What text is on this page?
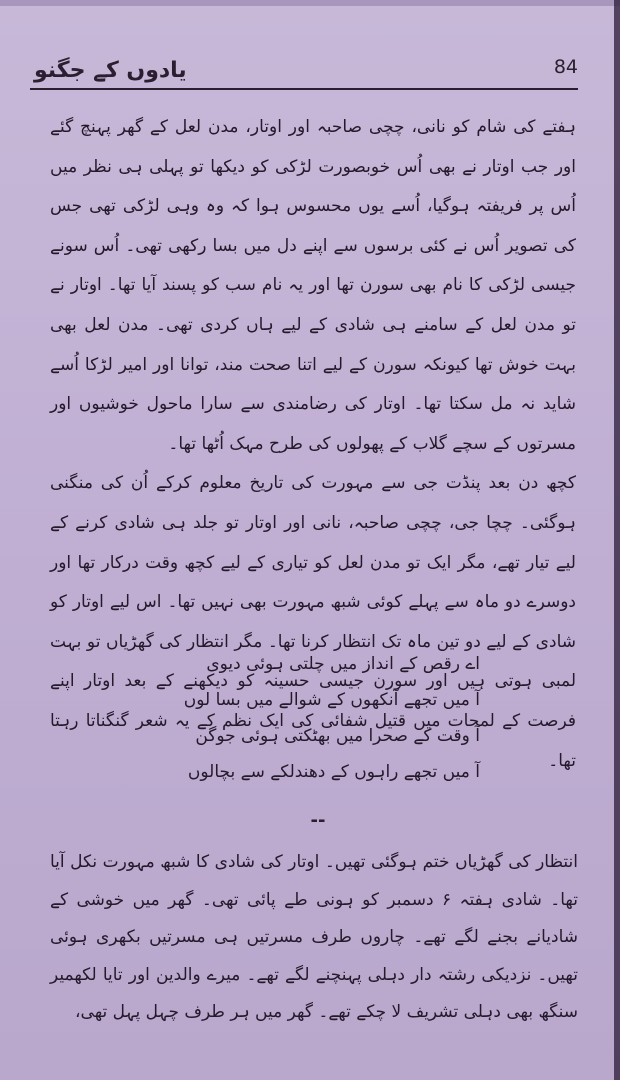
یادوں کے جگنو	84

ہفتے کی شام کو نانی، چچی صاحبہ اور اوتار، مدن لعل کے گھر پہنچ گئے اور جب اوتار نے بھی اُس خوبصورت لڑکی کو دیکھا تو پہلی ہی نظر میں اُس پر فریفتہ ہوگیا، اُسے یوں محسوس ہوا کہ وہ وہی لڑکی تھی جس کی تصویر اُس نے کئی برسوں سے اپنے دل میں بسا رکھی تھی۔ اُس سونے جیسی لڑکی کا نام بھی سورن تھا اور یہ نام سب کو پسند آیا تھا۔ اوتار نے تو مدن لعل کے سامنے ہی شادی کے لیے ہاں کردی تھی۔ مدن لعل بھی بہت خوش تھا کیونکہ سورن کے لیے اتنا صحت مند، توانا اور امیر لڑکا اُسے شاید نہ مل سکتا تھا۔ اوتار کی رضامندی سے سارا ماحول خوشیوں اور مسرتوں کے سچے گلاب کے پھولوں کی طرح مہک اُٹھا تھا۔

کچھ دن بعد پنڈت جی سے مہورت کی تاریخ معلوم کرکے اُن کی منگنی ہوگئی۔ چچا جی، چچی صاحبہ، نانی اور اوتار تو جلد ہی شادی کرنے کے لیے تیار تھے، مگر ایک تو مدن لعل کو تیاری کے لیے کچھ وقت درکار تھا اور دوسرے دو ماہ سے پہلے کوئی شبھ مہورت بھی نہیں تھا۔ اس لیے اوتار کو شادی کے لیے دو تین ماہ تک انتظار کرنا تھا۔ مگر انتظار کی گھڑیاں تو بہت لمبی ہوتی ہیں اور سورن جیسی حسینہ کو دیکھنے کے بعد اوتار اپنے فرصت کے لمحات میں قتیل شفائی کی ایک نظم کے یہ شعر گنگناتا رہتا تھا۔

اے رقص کے انداز میں چلتی ہوئی دیوی
آ میں تجھے آنکھوں کے شوالے میں بسا لوں
آ وقت کے صحرا میں بھٹکتی ہوئی جوگن
آ میں تجھے راہوں کے دھندلکے سے بچالوں
--

انتظار کی گھڑیاں ختم ہوگئی تھیں۔ اوتار کی شادی کا شبھ مہورت نکل آیا تھا۔ شادی ہفتہ ۶ دسمبر کو ہونی طے پائی تھی۔ گھر میں خوشی کے شادیانے بجنے لگے تھے۔ چاروں طرف مسرتیں ہی مسرتیں بکھری ہوئی تھیں۔ نزدیکی رشتہ دار دہلی پہنچنے لگے تھے۔ میرے والدین اور تایا لکھمیر سنگھ بھی دہلی تشریف لا چکے تھے۔ گھر میں ہر طرف چہل پہل تھی،
